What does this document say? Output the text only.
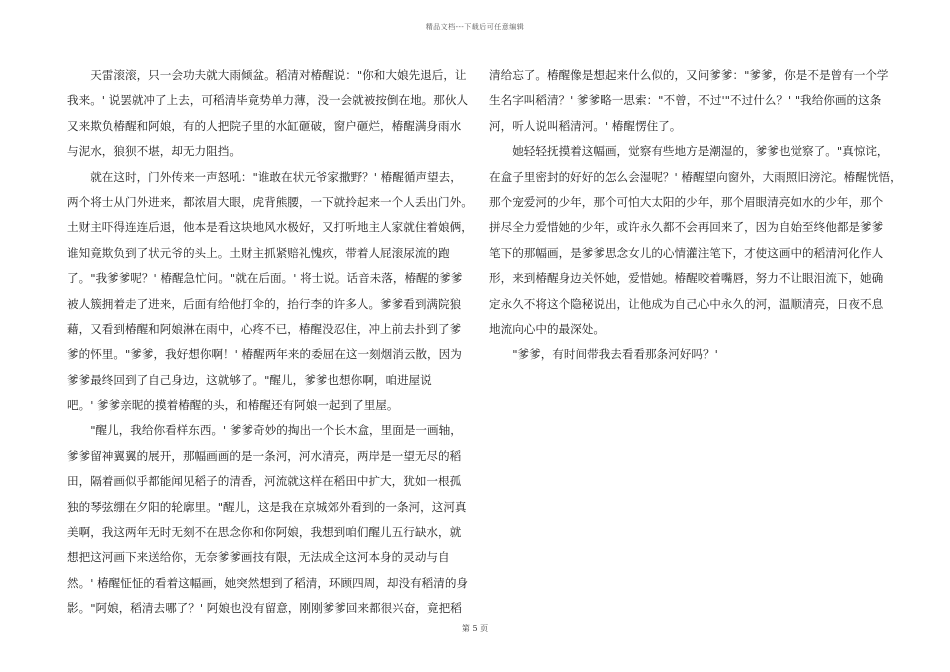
精品文档---下载后可任意编辑
　　天雷滚滚，只一会功夫就大雨倾盆。稻清对椿醒说："你和大娘先退后，让
我来。' 说罢就冲了上去，可稻清毕竟势单力薄，没一会就被按倒在地。那伙人
又来欺负椿醒和阿娘，有的人把院子里的水缸砸破，窗户砸烂，椿醒满身雨水
与泥水，狼狈不堪，却无力阻挡。
　　就在这时，门外传来一声怒吼："谁敢在状元爷家撒野？' 椿醒循声望去，
两个将士从门外进来，都浓眉大眼，虎背熊腰，一下就拎起来一个人丢出门外。
土财主吓得连连后退，他本是看这块地风水极好，又打听地主人家就住着娘俩，
谁知竟欺负到了状元爷的头上。土财主抓紧赔礼愧疚，带着人屁滚尿流的跑
了。"我爹爹呢？' 椿醒急忙问。"就在后面。' 将士说。话音未落，椿醒的爹爹
被人簇拥着走了进来，后面有给他打伞的，抬行李的许多人。爹爹看到满院狼
藉，又看到椿醒和阿娘淋在雨中，心疼不已，椿醒没忍住，冲上前去扑到了爹
爹的怀里。"爹爹，我好想你啊！' 椿醒两年来的委屈在这一刻烟消云散，因为
爹爹最终回到了自己身边，这就够了。"醒儿，爹爹也想你啊，咱进屋说
吧。' 爹爹亲昵的摸着椿醒的头，和椿醒还有阿娘一起到了里屋。
　　"醒儿，我给你看样东西。' 爹爹奇妙的掏出一个长木盒，里面是一画轴，
爹爹留神翼翼的展开，那幅画画的是一条河，河水清亮，两岸是一望无尽的稻
田，隔着画似乎都能闻见稻子的清香，河流就这样在稻田中扩大，犹如一根孤
独的琴弦绷在夕阳的轮廓里。"醒儿，这是我在京城郊外看到的一条河，这河真
美啊，我这两年无时无刻不在思念你和你阿娘，我想到咱们醒儿五行缺水，就
想把这河画下来送给你，无奈爹爹画技有限，无法成全这河本身的灵动与自
然。' 椿醒怔怔的看着这幅画，她突然想到了稻清，环顾四周，却没有稻清的身
影。"阿娘，稻清去哪了？' 阿娘也没有留意，刚刚爹爹回来都很兴奋，竟把稻
清给忘了。椿醒像是想起来什么似的，又问爹爹："爹爹，你是不是曾有一个学
生名字叫稻清？' 爹爹略一思索："不曾，不过'"不过什么？' "我给你画的这条
河，听人说叫稻清河。' 椿醒愣住了。
　　她轻轻抚摸着这幅画，觉察有些地方是潮湿的，爹爹也觉察了。"真惊诧，
在盒子里密封的好好的怎么会湿呢？' 椿醒望向窗外，大雨照旧滂沱。椿醒恍悟，
那个宠爱河的少年，那个可怕大太阳的少年，那个眉眼清亮如水的少年，那个
拼尽全力爱惜她的少年，或许永久都不会再回来了，因为自始至终他都是爹爹
笔下的那幅画，是爹爹思念女儿的心情灌注笔下，才使这画中的稻清河化作人
形，来到椿醒身边关怀她，爱惜她。椿醒咬着嘴唇，努力不让眼泪流下，她确
定永久不将这个隐秘说出，让他成为自己心中永久的河，温顺清亮，日夜不息
地流向心中的最深处。
　　"爹爹，有时间带我去看看那条河好吗？'
第 5 页
